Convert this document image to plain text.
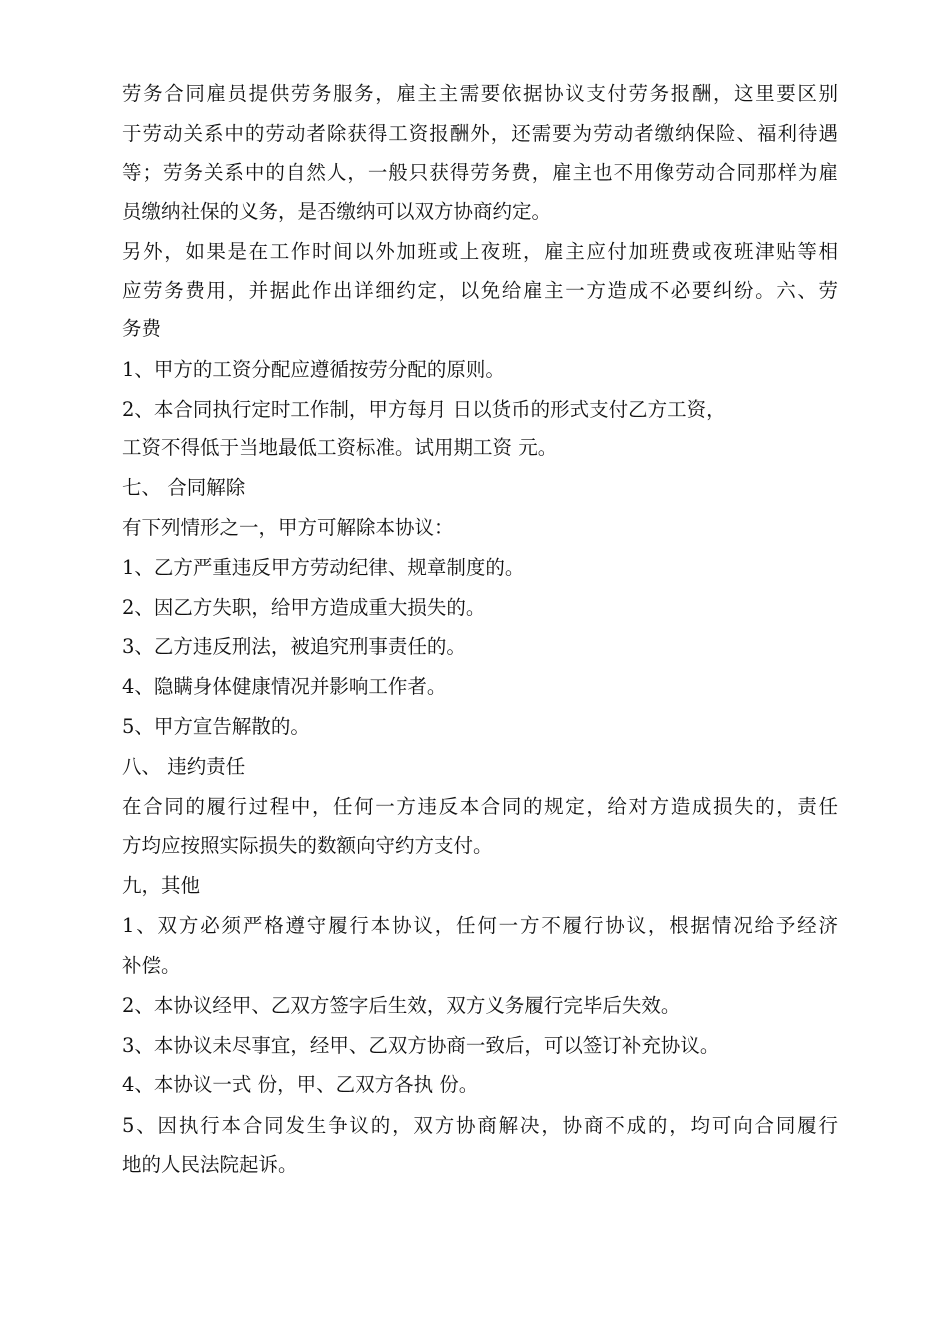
劳务合同雇员提供劳务服务，雇主主需要依据协议支付劳务报酬，这里要区别
于劳动关系中的劳动者除获得工资报酬外，还需要为劳动者缴纳保险、福利待遇
等；劳务关系中的自然人，一般只获得劳务费，雇主也不用像劳动合同那样为雇
员缴纳社保的义务，是否缴纳可以双方协商约定。
另外，如果是在工作时间以外加班或上夜班，雇主应付加班费或夜班津贴等相
应劳务费用，并据此作出详细约定，以免给雇主一方造成不必要纠纷。六、劳
务费
1、甲方的工资分配应遵循按劳分配的原则。
2、本合同执行定时工作制，甲方每月 日以货币的形式支付乙方工资，
工资不得低于当地最低工资标准。试用期工资 元。
七、 合同解除
有下列情形之一，甲方可解除本协议：
1、乙方严重违反甲方劳动纪律、规章制度的。
2、因乙方失职，给甲方造成重大损失的。
3、乙方违反刑法，被追究刑事责任的。
4、隐瞒身体健康情况并影响工作者。
5、甲方宣告解散的。
八、 违约责任
在合同的履行过程中，任何一方违反本合同的规定，给对方造成损失的，责任
方均应按照实际损失的数额向守约方支付。
九，其他
1、双方必须严格遵守履行本协议，任何一方不履行协议，根据情况给予经济
补偿。
2、本协议经甲、乙双方签字后生效，双方义务履行完毕后失效。
3、本协议未尽事宜，经甲、乙双方协商一致后，可以签订补充协议。
4、本协议一式 份，甲、乙双方各执 份。
5、因执行本合同发生争议的，双方协商解决，协商不成的，均可向合同履行
地的人民法院起诉。
